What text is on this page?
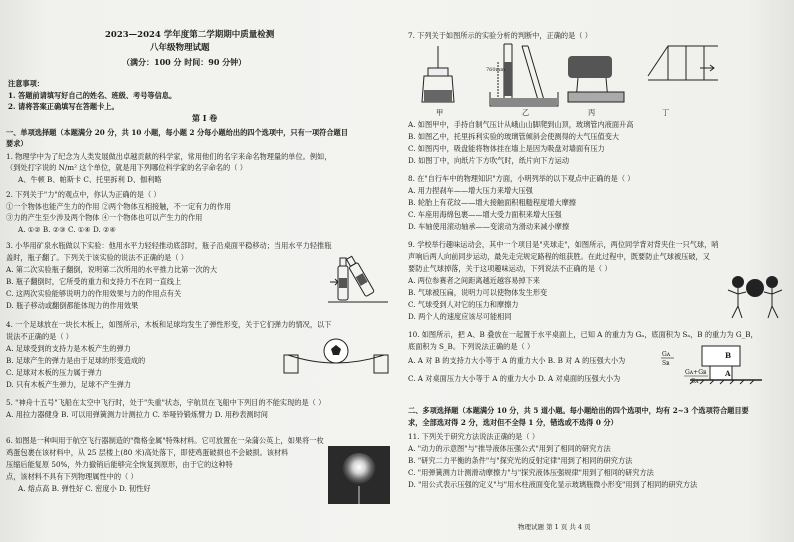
2023—2024 学年度第二学期期中质量检测
八年级物理试题
（满分：100 分 时间：90 分钟）
注意事项：
1. 答题前请填写好自己的姓名、班级、考号等信息。
2. 请将答案正确填写在答题卡上。
第 I 卷
一、单项选择题（本题满分 20 分，共 10 小题，每小题 2 分每小题给出的四个选项中，只有一项符合题目
要求）
1. 物理学中为了纪念为人类发展做出卓越贡献的科学家，常用他们的名字来命名物理量的单位。例如，
（到处打字说的 N/m² 这个单位，就是用下列哪位科学家的名字命名的（ ）
A、牛顿 B、帕斯卡 C、托里拆利 D、伽利略
2. 下列关于"力"的观点中，你认为正确的是（ ）
①一个物体也能产生力的作用 ②两个物体互相接触，不一定有力的作用
③力的产生至少涉及两个物体 ④一个物体也可以产生力的作用
A. ①② B. ②③ C. ①④ D. ②④
3. 小华用矿泉水瓶做以下实验：他用水平力轻轻推动底部时，瓶子沿桌面平稳移动；当用水平力轻推瓶
盖时，瓶子翻了。下列关于该实验的说法不正确的是（ ）
A. 第二次实验瓶子翻倒，说明第二次所用的水平推力比第一次的大
B. 瓶子翻倒时，它所受的重力和支持力不在同一直线上
C. 这两次实验能够说明力的作用效果与力的作用点有关
D. 瓶子移动或翻倒都能体现力的作用效果
4. 一个足球放在一块长木板上，如图所示，木板和足球均发生了弹性形变，关于它们弹力的情况，以下
说法不正确的是（ ）
A. 足球受到的支持力是木板产生的弹力
B. 足球产生的弹力是由于足球的形变造成的
C. 足球对木板的压力属于弹力
D. 只有木板产生弹力，足球不产生弹力
5. "神舟十五号"飞船在太空中飞行时，处于"失重"状态，宇航员在飞船中下列目的不能实现的是（ ）
A. 用拉力器健身 B. 可以用弹簧测力计测拉力 C. 举哑铃锻炼臂力 D. 用秒表测时间
6. 如图是一种叫用于航空飞行器制造的"微格金属"特殊材料。它可放置在一朵蒲公英上，如果将一枚
鸡蛋包裹在该材料中，从 25 层楼上(80 米)高处落下，即使鸡蛋破损也不会破损。该材料
压缩后能复原 50%，外力撤销后能够完全恢复到原形，由于它的这种特
点，该材料不具有下列物理属性中的（ ）
A. 熔点高 B. 弹性好 C. 密度小 D. 韧性好
7. 下列关于如图所示的实验分析的判断中，正确的是（ ）
760mm
甲	乙	丙	丁
A. 如图甲中，手持自制气压计从峨山山脚爬到山顶，玻璃管内液面升高
B. 如图乙中，托里拆利实验的玻璃管倾斜会使测得的大气压值变大
C. 如图丙中，吸盘能将物体挂在墙上是因为吸盘对墙面有压力
D. 如图丁中，向纸片下方吹气时，纸片向下方运动
8. 在"自行车中的物理知识"方面，小明列举的以下观点中正确的是（ ）
A. 用力捏刹车——增大压力来增大压强
B. 轮胎上有花纹——增大接触面积粗糙程度增大摩擦
C. 车座用海绵包裹——增大受力面积来增大压强
D. 车轴使用滚动轴承——变滚动为滑动来减小摩擦
9. 学校举行趣味运动会，其中一个项目是"夹球走"，如图所示，两位同学背对背夹住一只气球，哨
声响后两人向前同步运动，最先走完规定路程的组获胜。在此过程中，既要防止气球被压破，又
要防止气球掉落，关于这项趣味运动，下列说法不正确的是（ ）
A. 两位参赛者之间距离越近越容易掉下来
B. 气球被压扁，说明力可以使物体发生形变
C. 气球受到人对它的压力和摩擦力
D. 两个人的速度应该尽可能相同
10. 如图所示，把 A、B 叠放在一起置于水平桌面上，已知 A 的重力为 Gₐ，底面积为 Sₐ，B 的重力为 G_B，
底面积为 S_B。下列说法正确的是（ ）
A. A 对 B 的支持力大小等于 A 的重力大小 B. B 对 A 的压强大小为
C. A 对桌面压力大小等于 A 的重力大小 D. A 对桌面的压强大小为
Gᴀ
Sʙ
Gᴀ+Gʙ
Sᴀ
B
A
二、多项选择题（本题满分 10 分，共 5 道小题。每小题给出的四个选项中，均有 2~3 个选项符合题目要
求，全部选对得 2 分，选对但不全得 1 分，错选或不选得 0 分）
11. 下列关于研究方法说法正确的是（ ）
A. "动力的示意图"与"推导液体压强公式"用到了相同的研究方法
B. "研究二力平衡的条件"与"探究光的反射定律"用到了相同的研究方法
C. "用弹簧测力计测滑动摩擦力"与"探究液体压强规律"用到了相同的研究方法
D. "用公式表示压强的定义"与"用水柱液面变化显示玻璃瓶微小形变"用到了相同的研究方法
物理试题 第 1 页 共 4 页
